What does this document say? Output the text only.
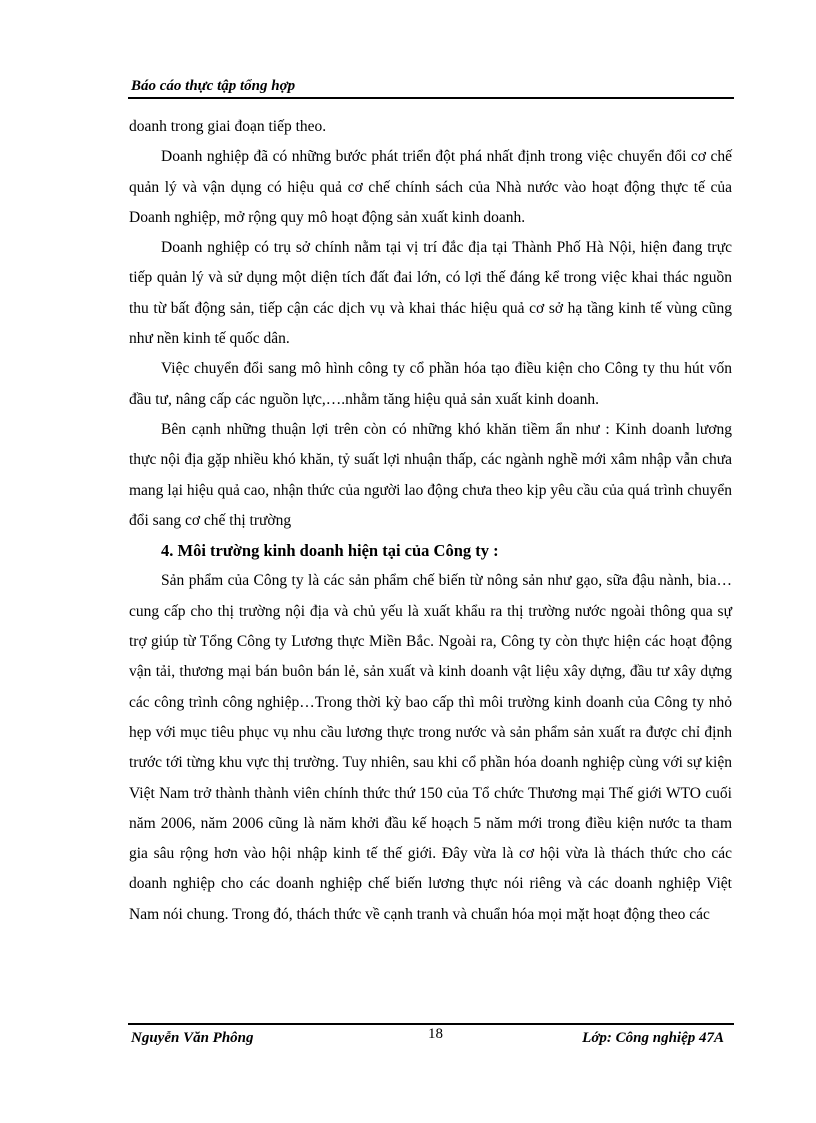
Báo cáo thực tập tổng hợp

doanh trong giai đoạn tiếp theo.

Doanh nghiệp đã có những bước phát triển đột phá nhất định trong việc chuyển đổi cơ chế quản lý và vận dụng có hiệu quả cơ chế chính sách của Nhà nước vào hoạt động thực tế của Doanh nghiệp, mở rộng quy mô hoạt động sản xuất kinh doanh.

Doanh nghiệp có trụ sở chính nằm tại vị trí đắc địa tại Thành Phố Hà Nội, hiện đang trực tiếp quản lý và sử dụng một diện tích đất đai lớn, có lợi thế đáng kể trong việc khai thác nguồn thu từ bất động sản, tiếp cận các dịch vụ và khai thác hiệu quả cơ sở hạ tầng kinh tế vùng cũng như nền kinh tế quốc dân.

Việc chuyển đổi sang mô hình công ty cổ phần hóa tạo điều kiện cho Công ty thu hút vốn đầu tư, nâng cấp các nguồn lực,….nhằm tăng hiệu quả sản xuất kinh doanh.

Bên cạnh những thuận lợi trên còn có những khó khăn tiềm ẩn như : Kinh doanh lương thực nội địa gặp nhiều khó khăn, tỷ suất lợi nhuận thấp, các ngành nghề mới xâm nhập vẫn chưa mang lại hiệu quả cao, nhận thức của người lao động chưa theo kịp yêu cầu của quá trình chuyển đổi sang cơ chế thị trường

4. Môi trường kinh doanh hiện tại của Công ty :

Sản phẩm của Công ty là các sản phẩm chế biến từ nông sản như gạo, sữa đậu nành, bia… cung cấp cho thị trường nội địa và chủ yếu là xuất khẩu ra thị trường nước ngoài thông qua sự trợ giúp từ Tổng Công ty Lương thực Miền Bắc. Ngoài ra, Công ty còn thực hiện các hoạt động vận tải, thương mại bán buôn bán lẻ, sản xuất và kinh doanh vật liệu xây dựng, đầu tư xây dựng các công trình công nghiệp…Trong thời kỳ bao cấp thì môi trường kinh doanh của Công ty nhỏ hẹp với mục tiêu phục vụ nhu cầu lương thực trong nước và sản phẩm sản xuất ra được chỉ định trước tới từng khu vực thị trường. Tuy nhiên, sau khi cổ phần hóa doanh nghiệp cùng với sự kiện Việt Nam trở thành thành viên chính thức thứ 150 của Tổ chức Thương mại Thế giới WTO cuối năm 2006, năm 2006 cũng là năm khởi đầu kế hoạch 5 năm mới trong điều kiện nước ta tham gia sâu rộng hơn vào hội nhập kinh tế thế giới. Đây vừa là cơ hội vừa là thách thức cho các doanh nghiệp cho các doanh nghiệp chế biến lương thực nói riêng và các doanh nghiệp Việt Nam nói chung. Trong đó, thách thức về cạnh tranh và chuẩn hóa mọi mặt hoạt động theo các

Nguyễn Văn Phông	18	Lớp: Công nghiệp 47A
